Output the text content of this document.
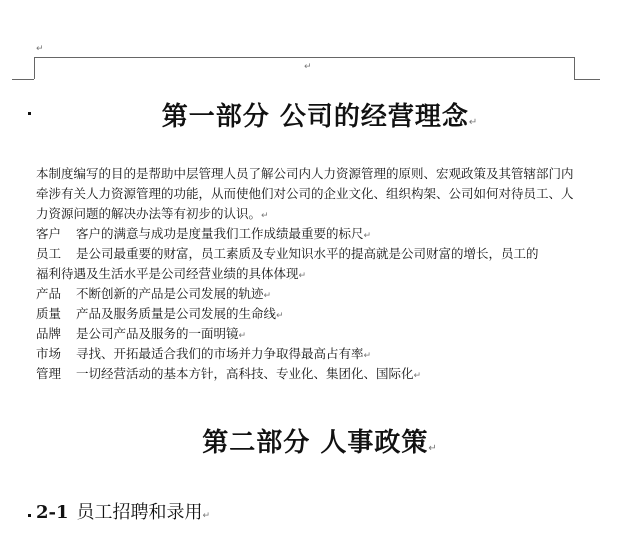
↵
↵
第一部分 公司的经营理念↵

本制度编写的目的是帮助中层管理人员了解公司内人力资源管理的原则、宏观政策及其管辖部门内牵涉有关人力资源管理的功能，从而使他们对公司的企业文化、组织构架、公司如何对待员工、人力资源问题的解决办法等有初步的认识。↵

客户 客户的满意与成功是度量我们工作成绩最重要的标尺↵
员工 是公司最重要的财富，员工素质及专业知识水平的提高就是公司财富的增长，员工的
福利待遇及生活水平是公司经营业绩的具体体现↵
产品 不断创新的产品是公司发展的轨迹↵
质量 产品及服务质量是公司发展的生命线↵
品牌 是公司产品及服务的一面明镜↵
市场 寻找、开拓最适合我们的市场并力争取得最高占有率↵
管理 一切经营活动的基本方针，高科技、专业化、集团化、国际化↵
第二部分 人事政策↵
2-1 员工招聘和录用↵
